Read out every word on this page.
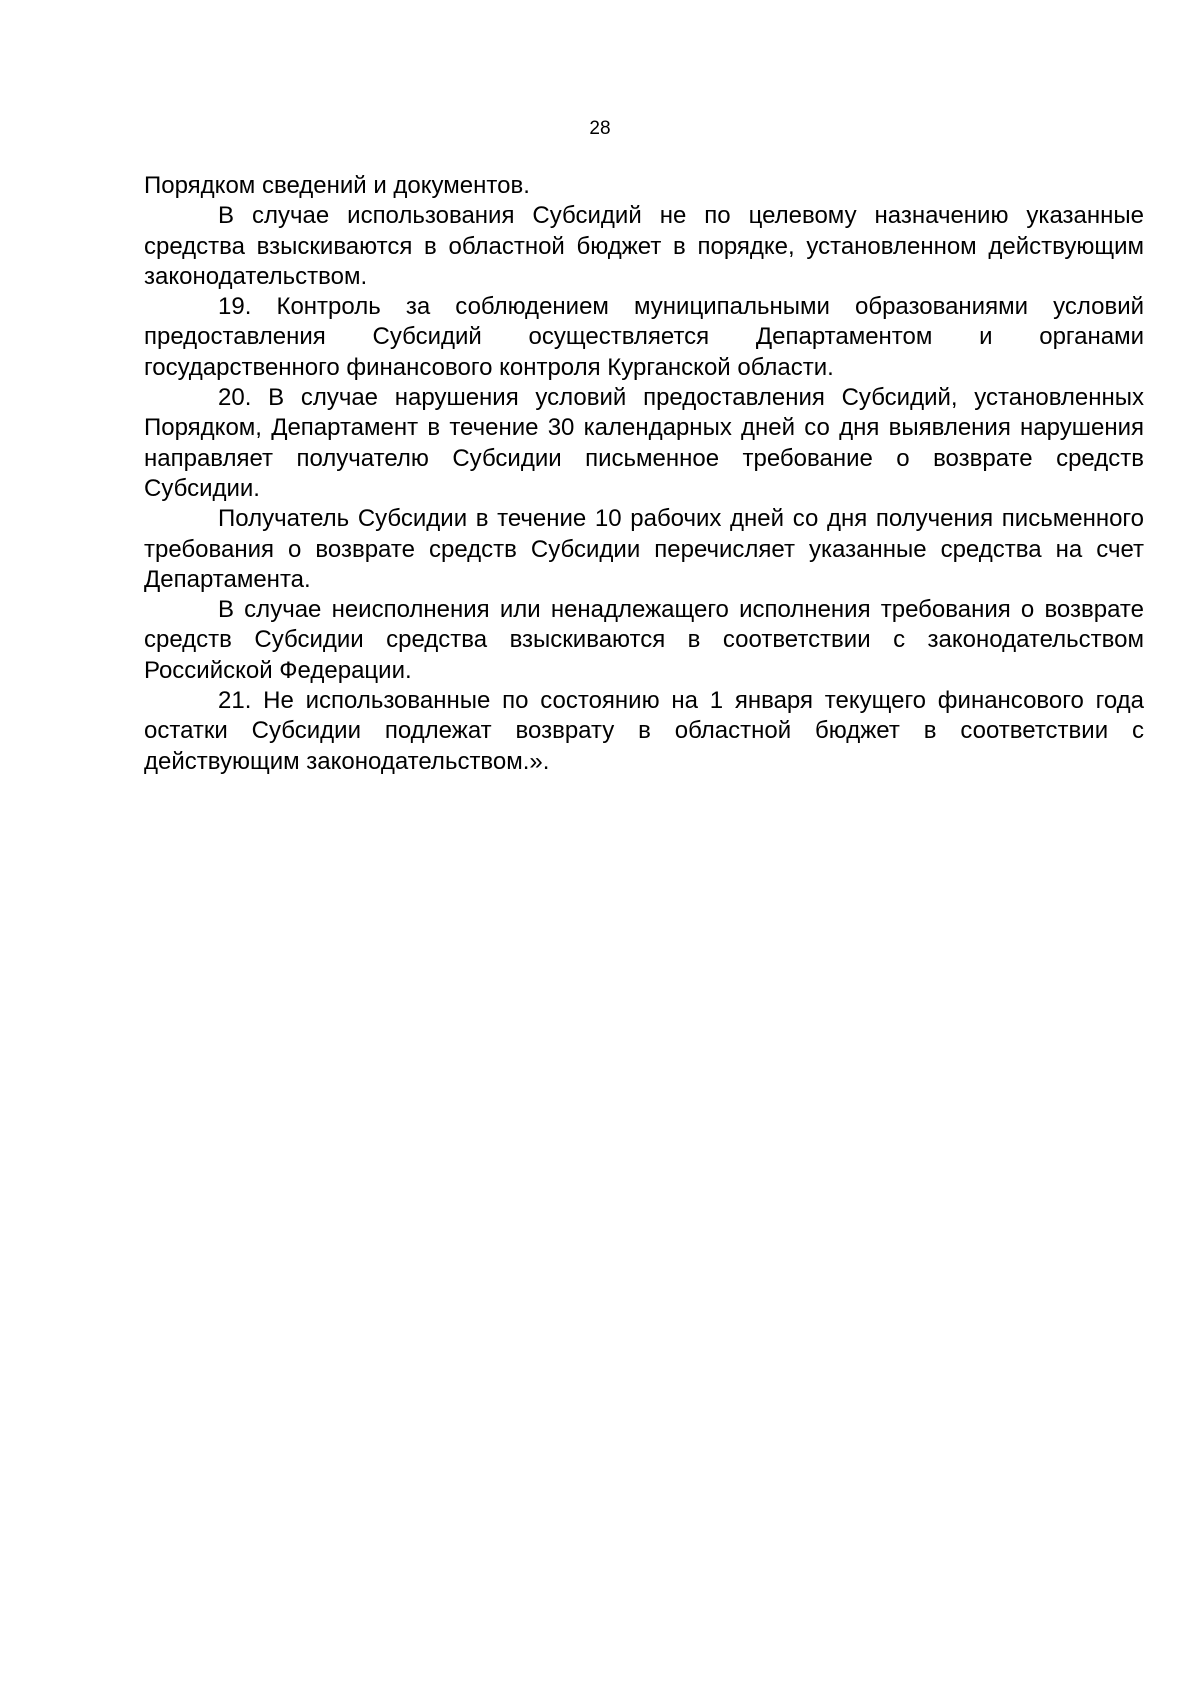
28

Порядком сведений и документов.

В случае использования Субсидий не по целевому назначению указанные средства взыскиваются в областной бюджет в порядке, установленном действующим законодательством.

19. Контроль за соблюдением муниципальными образованиями условий предоставления Субсидий осуществляется Департаментом и органами государственного финансового контроля Курганской области.

20. В случае нарушения условий предоставления Субсидий, установленных Порядком, Департамент в течение 30 календарных дней со дня выявления нарушения направляет получателю Субсидии письменное требование о возврате средств Субсидии.

Получатель Субсидии в течение 10 рабочих дней со дня получения письменного требования о возврате средств Субсидии перечисляет указанные средства на счет Департамента.

В случае неисполнения или ненадлежащего исполнения требования о возврате средств Субсидии средства взыскиваются в соответствии с законодательством Российской Федерации.

21. Не использованные по состоянию на 1 января текущего финансового года остатки Субсидии подлежат возврату в областной бюджет в соответствии с действующим законодательством.».
